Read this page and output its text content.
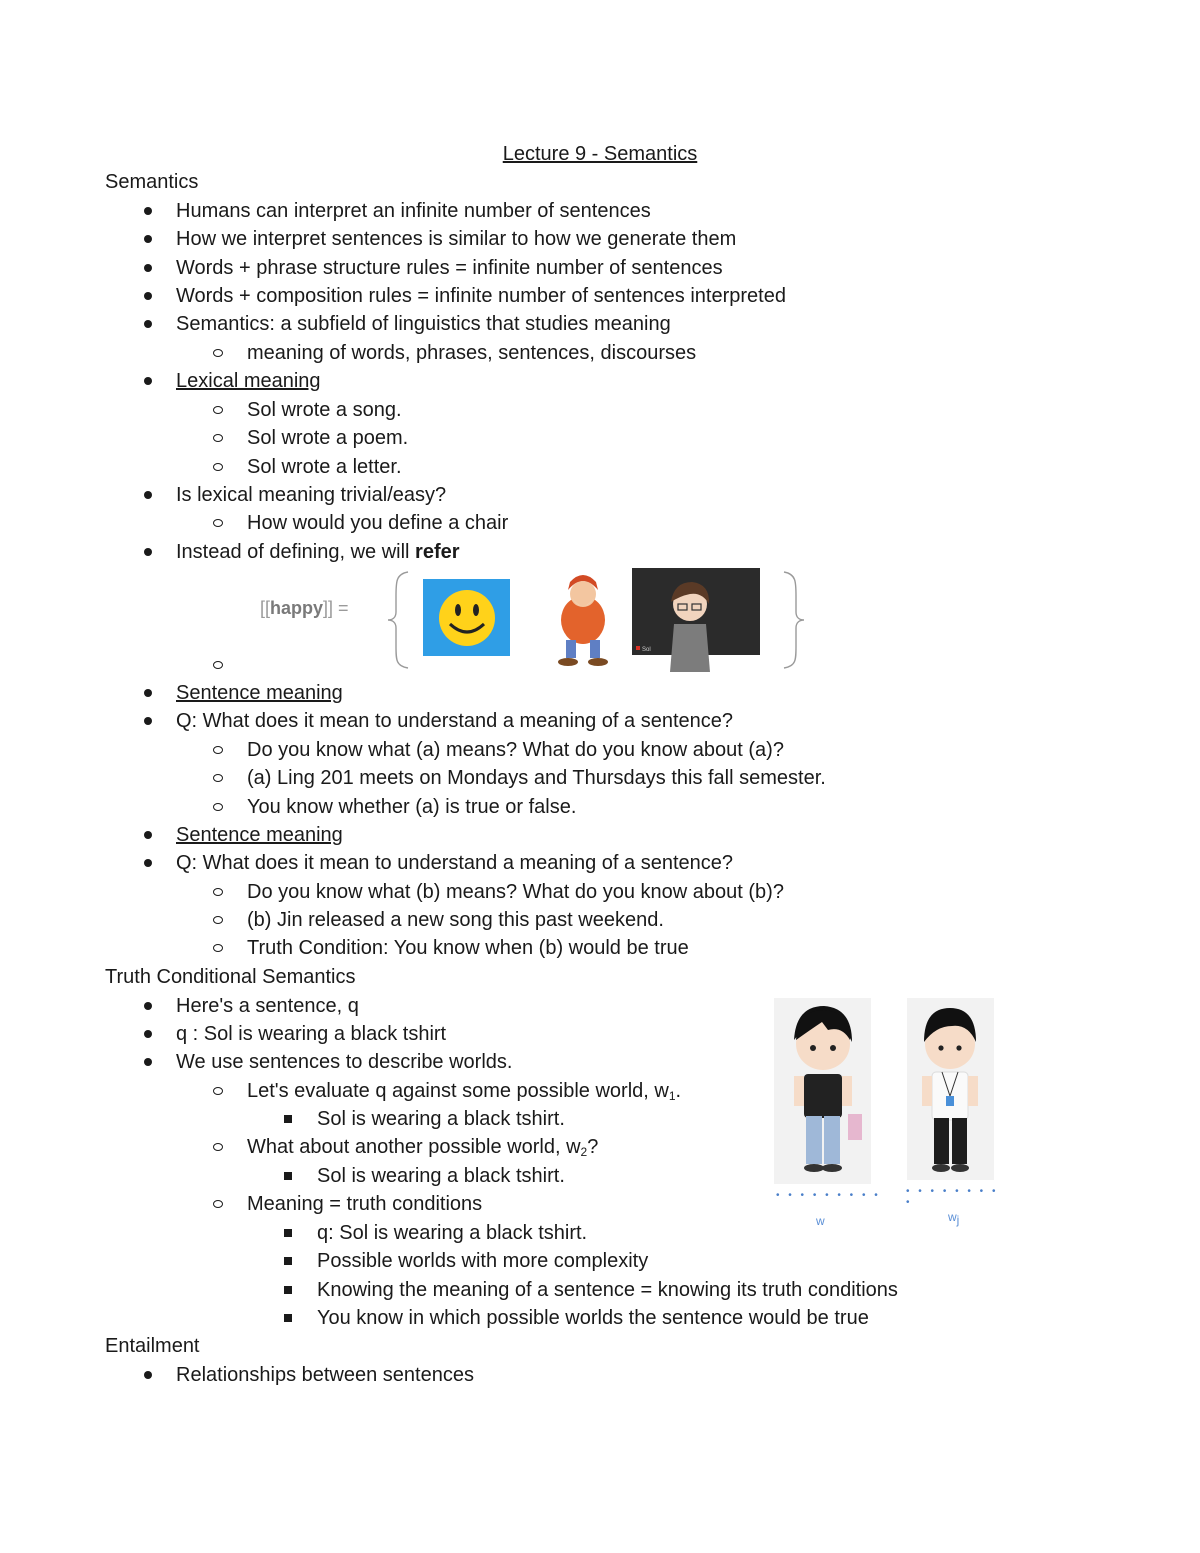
Lecture 9 - Semantics
Semantics
Humans can interpret an infinite number of sentences
How we interpret sentences is similar to how we generate them
Words + phrase structure rules = infinite number of sentences
Words + composition rules = infinite number of sentences interpreted
Semantics: a subfield of linguistics that studies meaning
meaning of words, phrases, sentences, discourses
Lexical meaning
Sol wrote a song.
Sol wrote a poem.
Sol wrote a letter.
Is lexical meaning trivial/easy?
How would you define a chair
Instead of defining, we will refer
[[happy]] =
Sol
Sentence meaning
Q: What does it mean to understand a meaning of a sentence?
Do you know what (a) means? What do you know about (a)?
(a) Ling 201 meets on Mondays and Thursdays this fall semester.
You know whether (a) is true or false.
Sentence meaning
Q: What does it mean to understand a meaning of a sentence?
Do you know what (b) means? What do you know about (b)?
(b) Jin released a new song this past weekend.
Truth Condition: You know when (b) would be true
Truth Conditional Semantics
Here's a sentence, q
q : Sol is wearing a black tshirt
We use sentences to describe worlds.
Let's evaluate q against some possible world, $w_1$.
Sol is wearing a black tshirt.
What about another possible world, $w_2$?
Sol is wearing a black tshirt.
Meaning = truth conditions
q: Sol is wearing a black tshirt.
Possible worlds with more complexity
Knowing the meaning of a sentence = knowing its truth conditions
You know in which possible worlds the sentence would be true
Entailment
Relationships between sentences
• • • • • • • • •	• • • • • • • • •
w	$w_j$
